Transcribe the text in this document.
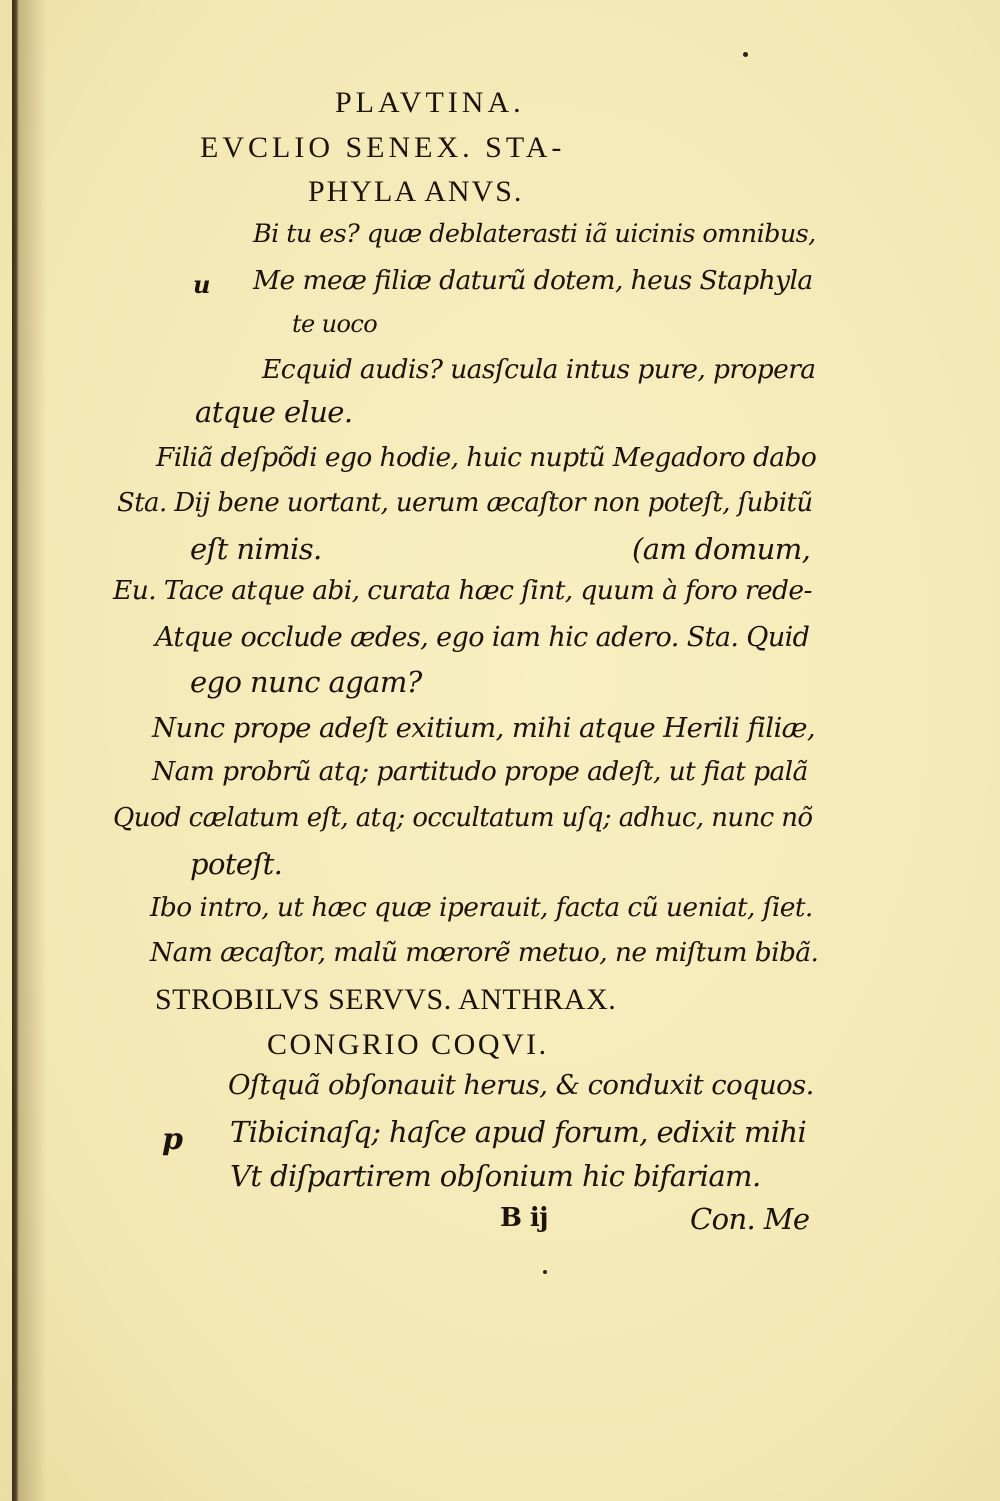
PLAVTINA.
EVCLIO SENEX. STA-
PHYLA ANVS.
Bi tu es? quæ deblaterasti iã uicinis omnibus,
u Me meæ filiæ daturũ dotem, heus Staphyla
te uoco
Ecquid audis? uasſcula intus pure, propera
atque elue.
Filiã deſpõdi ego hodie, huic nuptũ Megadoro dabo
Sta. Dij bene uortant, uerum æcaſtor non poteſt, ſubitũ
eſt nimis.	(am domum,
Eu. Tace atque abi, curata hæc ſint, quum à foro rede-
Atque occlude ædes, ego iam hic adero. Sta. Quid
ego nunc agam?
Nunc prope adeſt exitium, mihi atque Herili filiæ,
Nam probrũ atq; partitudo prope adeſt, ut fiat palã
Quod cælatum eſt, atq; occultatum uſq; adhuc, nunc nõ
poteſt.
Ibo intro, ut hæc quæ iperauit, facta cũ ueniat, ſiet.
Nam æcaſtor, malũ mœrorẽ metuo, ne miſtum bibã.
STROBILVS SERVVS. ANTHRAX.
CONGRIO COQVI.
Oſtquã obſonauit herus, & conduxit coquos.
p Tibicinaſq; haſce apud forum, edixit mihi
Vt diſpartirem obſonium hic bifariam.
B ij	Con. Me
